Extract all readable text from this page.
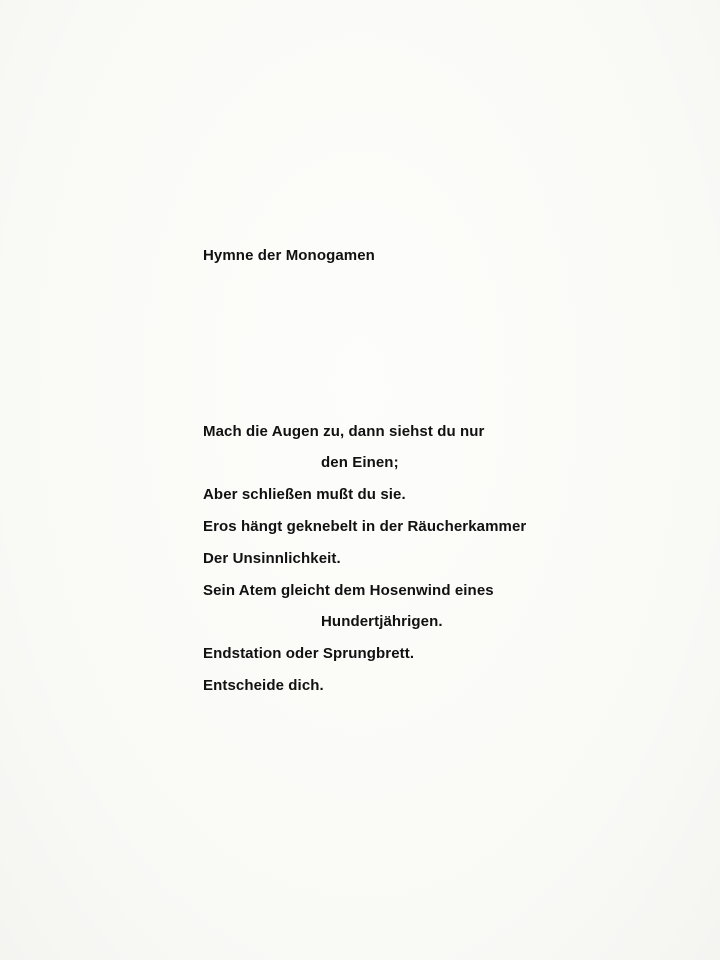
Hymne der Monogamen
Mach die Augen zu, dann siehst du nur
den Einen;
Aber schließen mußt du sie.
Eros hängt geknebelt in der Räucherkammer
Der Unsinnlichkeit.
Sein Atem gleicht dem Hosenwind eines
Hundertjährigen.
Endstation oder Sprungbrett.
Entscheide dich.
